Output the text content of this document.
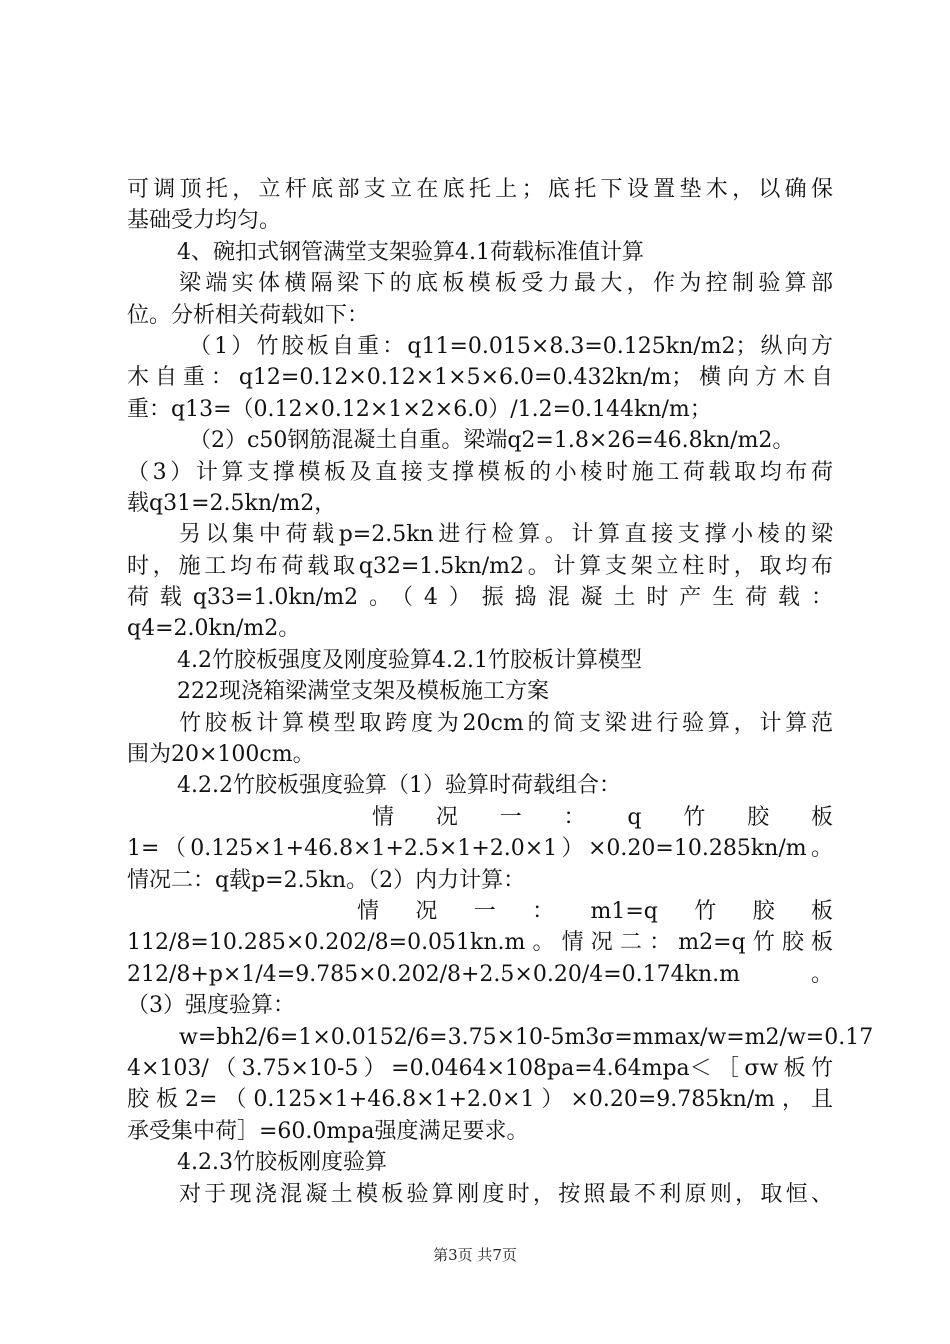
可调顶托，立杆底部支立在底托上；底托下设置垫木，以确保
基础受力均匀。
4、碗扣式钢管满堂支架验算4.1荷载标准值计算
梁端实体横隔梁下的底板模板受力最大，作为控制验算部
位。分析相关荷载如下：
（1）竹胶板自重：q11=0.015×8.3=0.125kn/m2；纵向方
木自重：q12=0.12×0.12×1×5×6.0=0.432kn/m；横向方木自
重：q13=（0.12×0.12×1×2×6.0）/1.2=0.144kn/m；
（2）c50钢筋混凝土自重。梁端q2=1.8×26=46.8kn/m2。
（3）计算支撑模板及直接支撑模板的小棱时施工荷载取均布荷
载q31=2.5kn/m2，
另以集中荷载p=2.5kn进行检算。计算直接支撑小棱的梁
时，施工均布荷载取q32=1.5kn/m2。计算支架立柱时，取均布
荷载q33=1.0kn/m2。（4）振捣混凝土时产生荷载：
q4=2.0kn/m2。
4.2竹胶板强度及刚度验算4.2.1竹胶板计算模型
222现浇箱梁满堂支架及模板施工方案
竹胶板计算模型取跨度为20cm的简支梁进行验算，计算范
围为20×100cm。
4.2.2竹胶板强度验算（1）验算时荷载组合：
情况一：q竹胶板
1=（0.125×1+46.8×1+2.5×1+2.0×1）×0.20=10.285kn/m。
情况二：q载p=2.5kn。（2）内力计算：
情况一：m1=q竹胶板
112/8=10.285×0.202/8=0.051kn.m。情况二：m2=q竹胶板
212/8+p×1/4=9.785×0.202/8+2.5×0.20/4=0.174kn.m　　。
（3）强度验算：
w=bh2/6=1×0.0152/6=3.75×10-5m3σ=mmax/w=m2/w=0.17
4×103/（3.75×10-5）=0.0464×108pa=4.64mpa＜［σw板竹
胶板2=（0.125×1+46.8×1+2.0×1）×0.20=9.785kn/m，且
承受集中荷］=60.0mpa强度满足要求。
4.2.3竹胶板刚度验算
对于现浇混凝土模板验算刚度时，按照最不利原则，取恒、
第3页 共7页
